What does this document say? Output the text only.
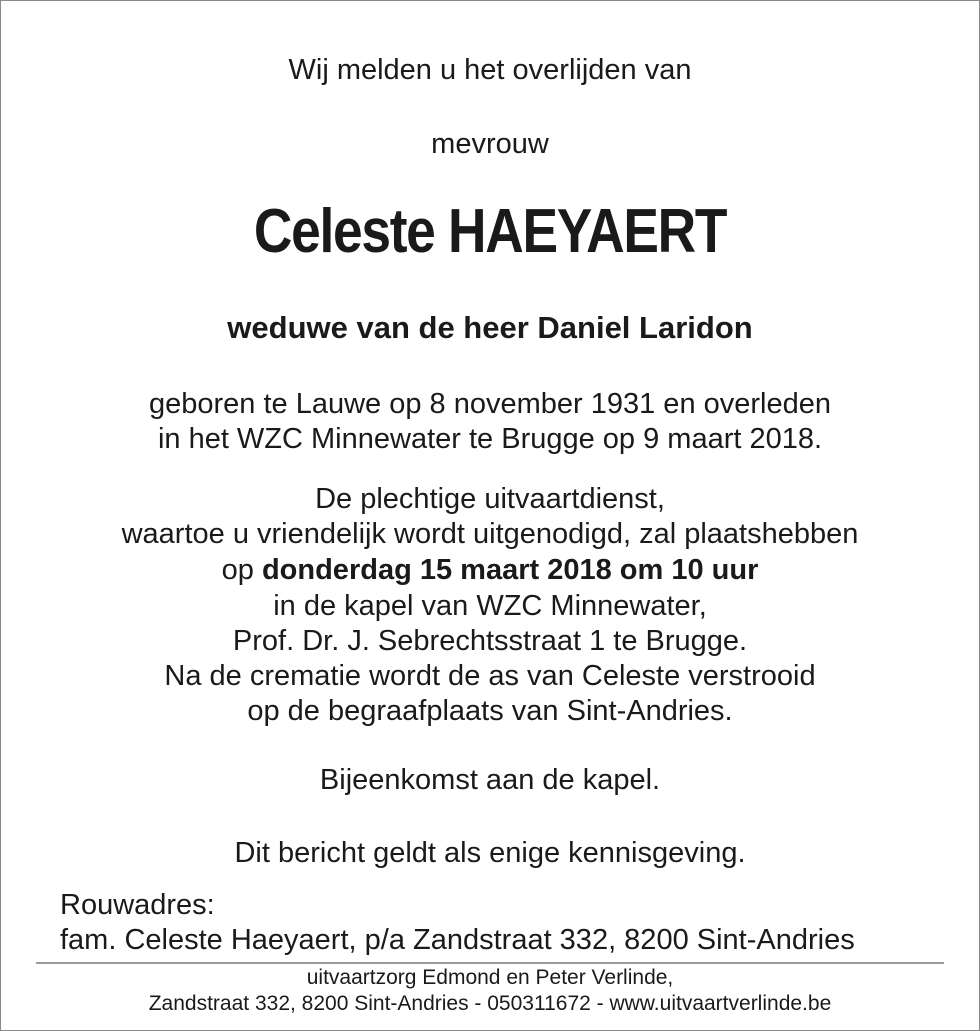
Wij melden u het overlijden van
mevrouw
Celeste HAEYAERT
weduwe van de heer Daniel Laridon
geboren te Lauwe op 8 november 1931 en overleden
in het WZC Minnewater te Brugge op 9 maart 2018.
De plechtige uitvaartdienst,
waartoe u vriendelijk wordt uitgenodigd, zal plaatshebben
op donderdag 15 maart 2018 om 10 uur
in de kapel van WZC Minnewater,
Prof. Dr. J. Sebrechtsstraat 1 te Brugge.
Na de crematie wordt de as van Celeste verstrooid
op de begraafplaats van Sint-Andries.
Bijeenkomst aan de kapel.
Dit bericht geldt als enige kennisgeving.
Rouwadres:
fam. Celeste Haeyaert, p/a Zandstraat 332, 8200 Sint-Andries
uitvaartzorg Edmond en Peter Verlinde,
Zandstraat 332, 8200 Sint-Andries - 050311672 - www.uitvaartverlinde.be
